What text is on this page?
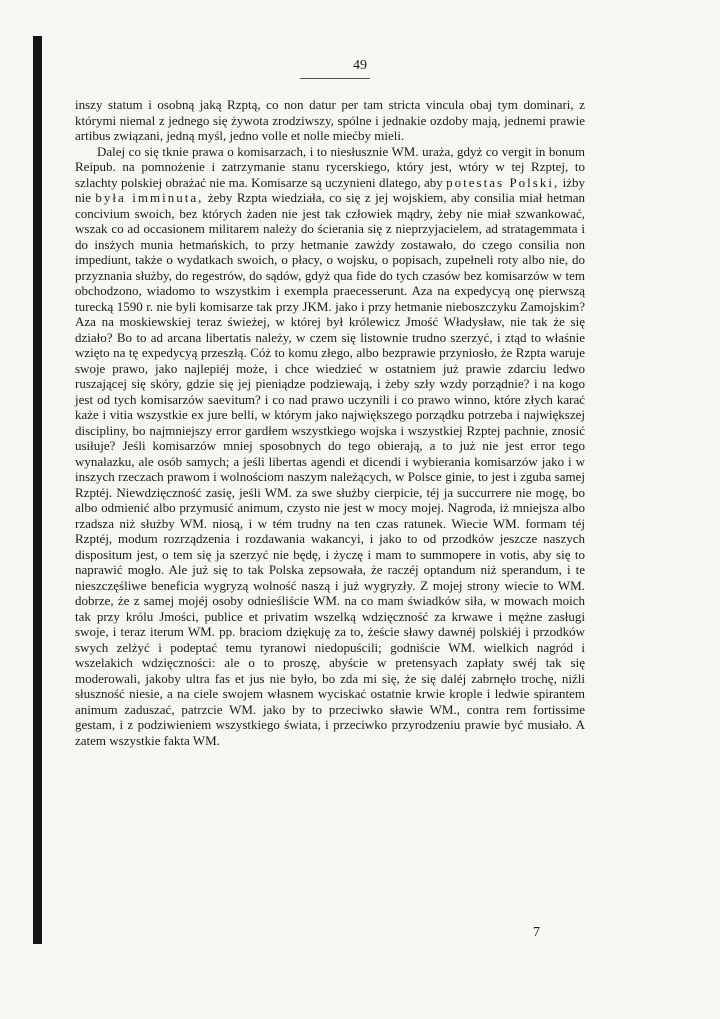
49

inszy statum i osobną jaką Rzptą, co non datur per tam stricta vincula obaj tym dominari, z którymi niemal z jednego się żywota zrodziwszy, spólne i jednakie ozdoby mają, jednemi prawie artibus związani, jedną myśl, jedno volle et nolle miećby mieli.

Dalej co się tknie prawa o komisarzach, i to niesłusznie WM. uraża, gdyż co vergit in bonum Reipub. na pomnożenie i zatrzymanie stanu rycerskiego, który jest, wtóry w tej Rzptej, to szlachty polskiej obrażać nie ma. Komisarze są uczynieni dlatego, aby potestas Polski, iżby nie była imminuta, żeby Rzpta wiedziała, co się z jej wojskiem, aby consilia miał hetman concivium swoich, bez których żaden nie jest tak człowiek mądry, żeby nie miał szwankować, wszak co ad occasionem militarem należy do ścierania się z nieprzyjacielem, ad stratagemmata i do insżych munia hetmańskich, to przy hetmanie zawżdy zostawało, do czego consilia non impediunt, także o wydatkach swoich, o płacy, o wojsku, o popisach, zupełneli roty albo nie, do przyznania służby, do regestrów, do sądów, gdyż qua fide do tych czasów bez komisarzów w tem obchodzono, wiadomo to wszystkim i exempla praecesserunt. Aza na expedycyą onę pierwszą turecką 1590 r. nie byli komisarze tak przy JKM. jako i przy hetmanie nieboszczyku Zamojskim? Aza na moskiewskiej teraz świeżej, w której był królewicz Jmość Władysław, nie tak że się działo? Bo to ad arcana libertatis należy, w czem się listownie trudno szerzyć, i ztąd to właśnie wzięto na tę expedycyą przeszłą. Cóż to komu złego, albo bezprawie przyniosło, że Rzpta waruje swoje prawo, jako najlepiéj może, i chce wiedzieć w ostatniem już prawie zdarciu ledwo ruszającej się skóry, gdzie się jej pieniądze podziewają, i żeby szły wzdy porządnie? i na kogo jest od tych komisarzów saevitum? i co nad prawo uczynili i co prawo winno, które złych karać każe i vitia wszystkie ex jure belli, w którym jako największego porządku potrzeba i największej discipliny, bo najmniejszy error gardłem wszystkiego wojska i wszystkiej Rzptej pachnie, znosić usiłuje? Jeśli komisarzów mniej sposobnych do tego obierają, a to już nie jest error tego wynalazku, ale osób samych; a jeśli libertas agendi et dicendi i wybierania komisarzów jako i w inszych rzeczach prawom i wolnościom naszym należących, w Polsce ginie, to jest i zguba samej Rzptéj. Niewdzięczność zasię, jeśli WM. za swe służby cierpicie, téj ja succurrere nie mogę, bo albo odmienić albo przymusić animum, czysto nie jest w mocy mojej. Nagroda, iż mniejsza albo rzadsza niż służby WM. niosą, i w tém trudny na ten czas ratunek. Wiecie WM. formam téj Rzptéj, modum rozrządzenia i rozdawania wakancyi, i jako to od przodków jeszcze naszych dispositum jest, o tem się ja szerzyć nie będę, i życzę i mam to summopere in votis, aby się to naprawić mogło. Ale już się to tak Polska zepsowała, że raczéj optandum niż sperandum, i te nieszczęśliwe beneficia wygryzą wolność naszą i już wygryzły. Z mojej strony wiecie to WM. dobrze, że z samej mojéj osoby odnieśliście WM. na co mam świadków siła, w mowach moich tak przy królu Jmości, publice et privatim wszelką wdzięczność za krwawe i mężne zasługi swoje, i teraz iterum WM. pp. braciom dziękuję za to, żeście sławy dawnéj polskiéj i przodków swych zelżyć i podeptać temu tyranowi niedopuścili; godniście WM. wielkich nagród i wszelakich wdzięczności: ale o to proszę, abyście w pretensyach zapłaty swéj tak się moderowali, jakoby ultra fas et jus nie było, bo zda mi się, że się daléj zabrnęło trochę, niźli słuszność niesie, a na ciele swojem własnem wyciskać ostatnie krwie krople i ledwie spirantem animum zaduszać, patrzcie WM. jako by to przeciwko sławie WM., contra rem fortissime gestam, i z podziwieniem wszystkiego świata, i przeciwko przyrodzeniu prawie być musiało. A zatem wszystkie fakta WM.

7
